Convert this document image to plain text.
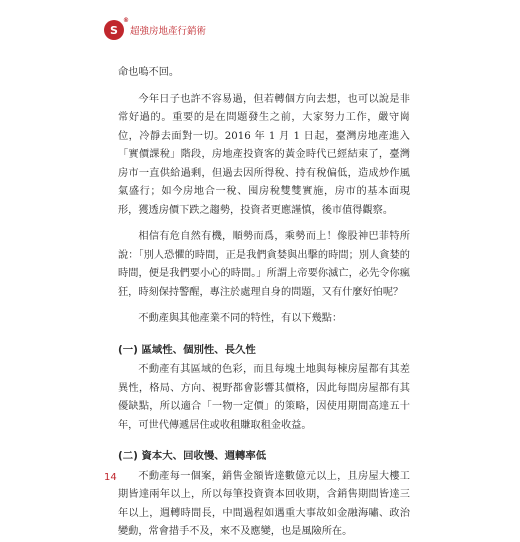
S
®
超強房地產行銷術

命也嗚不回。

今年日子也許不容易過，但若轉個方向去想，也可以說是非常好過的。重要的是在問題發生之前，大家努力工作，嚴守崗位，冷靜去面對一切。2016 年 1 月 1 日起，臺灣房地產進入「實價課稅」階段，房地產投資客的黃金時代已經結束了，臺灣房市一直供給過剩，但過去因所得稅、持有稅偏低，造成炒作風氣盛行；如今房地合一稅、囤房稅雙雙實施，房市的基本面現形，獲透房價下跌之趨勢，投資者更應謹慎，後市值得觀察。

相信有危自然有機，順勢而爲，乘勢而上！像股神巴菲特所說：「別人恐懼的時間，正是我們貪婪與出擊的時間；別人貪婪的時間，便是我們要小心的時間。」所謂上帝要你滅亡，必先令你瘋狂，時刻保持警醒，專注於處理自身的問題，又有什麼好怕呢？

不動產與其他產業不同的特性，有以下幾點：

(一) 區域性、個別性、長久性

不動產有其區域的色彩，而且每塊土地與每棟房屋都有其差異性，格局、方向、視野都會影響其價格，因此每間房屋都有其優缺點，所以適合「一物一定價」的策略，因使用期間高達五十年，可世代傳遞居住或收租賺取租金收益。

(二) 資本大、回收慢、週轉率低

不動產每一個案，銷售金額皆達數億元以上，且房屋大樓工期皆達兩年以上，所以每筆投資資本回收期，含銷售期間皆達三年以上，週轉時間長，中間過程如遇重大事故如金融海嘯、政治變動，常會措手不及，來不及應變，也是風險所在。

14
